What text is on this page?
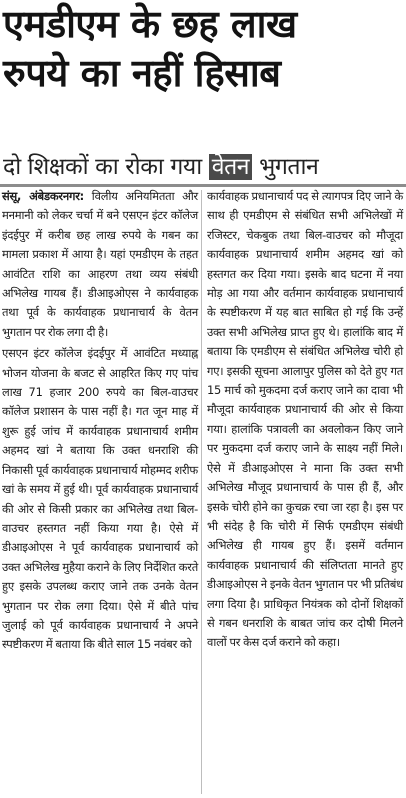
एमडीएम के छह लाख
रुपये का नहीं हिसाब
दो शिक्षकों का रोका गया वेतन भुगतान

संसू, अंबेडकरनगर: विलीय अनियमितता और मनमानी को लेकर चर्चा में बने एसएन इंटर कॉलेज इंदईपुर में करीब छह लाख रुपये के गबन का मामला प्रकाश में आया है। यहां एमडीएम के तहत आवंटित राशि का आहरण तथा व्यय संबंधी अभिलेख गायब हैं। डीआइओएस ने कार्यवाहक तथा पूर्व के कार्यवाहक प्रधानाचार्य के वेतन भुगतान पर रोक लगा दी है।

एसएन इंटर कॉलेज इंदईपुर में आवंटित मध्याह्न भोजन योजना के बजट से आहरित किए गए पांच लाख 71 हजार 200 रुपये का बिल-वाउचर कॉलेज प्रशासन के पास नहीं है। गत जून माह में शुरू हुई जांच में कार्यवाहक प्रधानाचार्य शमीम अहमद खां ने बताया कि उक्त धनराशि की निकासी पूर्व कार्यवाहक प्रधानाचार्य मोहम्मद शरीफ खां के समय में हुई थी। पूर्व कार्यवाहक प्रधानाचार्य की ओर से किसी प्रकार का अभिलेख तथा बिल-वाउचर हस्तगत नहीं किया गया है। ऐसे में डीआइओएस ने पूर्व कार्यवाहक प्रधानाचार्य को उक्त अभिलेख मुहैया कराने के लिए निर्देशित करते हुए इसके उपलब्ध कराए जाने तक उनके वेतन भुगतान पर रोक लगा दिया। ऐसे में बीते पांच जुलाई को पूर्व कार्यवाहक प्रधानाचार्य ने अपने स्पष्टीकरण में बताया कि बीते साल 15 नवंबर को

कार्यवाहक प्रधानाचार्य पद से त्यागपत्र दिए जाने के साथ ही एमडीएम से संबंधित सभी अभिलेखों में रजिस्टर, चेकबुक तथा बिल-वाउचर को मौजूदा कार्यवाहक प्रधानाचार्य शमीम अहमद खां को हस्तगत कर दिया गया। इसके बाद घटना में नया मोड़ आ गया और वर्तमान कार्यवाहक प्रधानाचार्य के स्पष्टीकरण में यह बात साबित हो गई कि उन्हें उक्त सभी अभिलेख प्राप्त हुए थे। हालांकि बाद में बताया कि एमडीएम से संबंधित अभिलेख चोरी हो गए। इसकी सूचना आलापुर पुलिस को देते हुए गत 15 मार्च को मुकदमा दर्ज कराए जाने का दावा भी मौजूदा कार्यवाहक प्रधानाचार्य की ओर से किया गया। हालांकि पत्रावली का अवलोकन किए जाने पर मुकदमा दर्ज कराए जाने के साक्ष्य नहीं मिले। ऐसे में डीआइओएस ने माना कि उक्त सभी अभिलेख मौजूद प्रधानाचार्य के पास ही हैं, और इसके चोरी होने का कुचक्र रचा जा रहा है। इस पर भी संदेह है कि चोरी में सिर्फ एमडीएम संबंधी अभिलेख ही गायब हुए हैं। इसमें वर्तमान कार्यवाहक प्रधानाचार्य की संलिप्तता मानते हुए डीआइओएस ने इनके वेतन भुगतान पर भी प्रतिबंध लगा दिया है। प्राधिकृत नियंत्रक को दोनों शिक्षकों से गबन धनराशि के बाबत जांच कर दोषी मिलने वालों पर केस दर्ज कराने को कहा।
